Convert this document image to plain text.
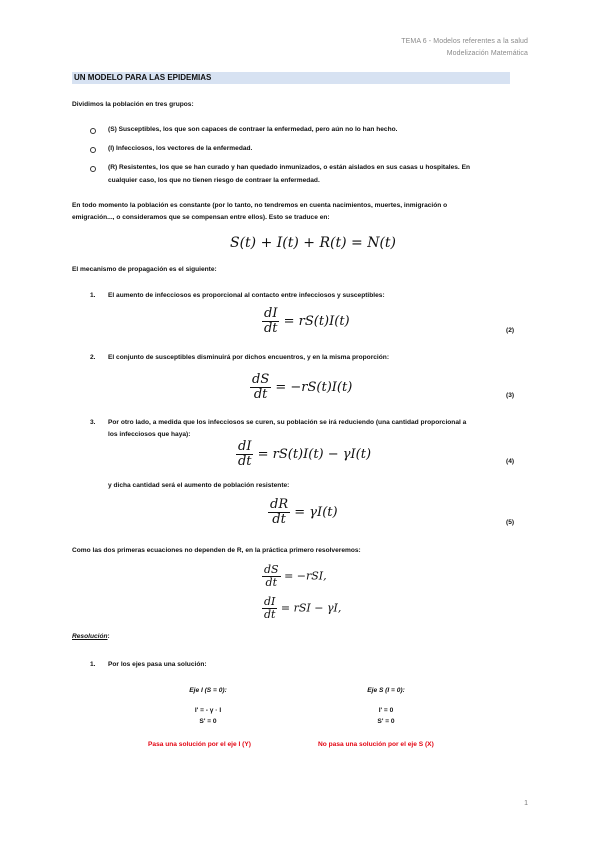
TEMA 6 - Modelos referentes a la salud
Modelización Matemática
UN MODELO PARA LAS EPIDEMIAS
Dividimos la población en tres grupos:
(S) Susceptibles, los que son capaces de contraer la enfermedad, pero aún no lo han hecho.
(I) Infecciosos, los vectores de la enfermedad.
(R) Resistentes, los que se han curado y han quedado inmunizados, o están aislados en sus casas u hospitales. En
cualquier caso, los que no tienen riesgo de contraer la enfermedad.
En todo momento la población es constante (por lo tanto, no tendremos en cuenta nacimientos, muertes, inmigración o
emigración..., o consideramos que se compensan entre ellos). Esto se traduce en:
S(t) + I(t) + R(t) = N(t)
El mecanismo de propagación es el siguiente:
1. El aumento de infecciosos es proporcional al contacto entre infecciosos y susceptibles:
$\frac{dI}{dt} = rS(t)I(t)$
(2)
2. El conjunto de susceptibles disminuirá por dichos encuentros, y en la misma proporción:
$\frac{dS}{dt} = -rS(t)I(t)$
(3)
3. Por otro lado, a medida que los infecciosos se curen, su población se irá reduciendo (una cantidad proporcional a
los infecciosos que haya):
$\frac{dI}{dt} = rS(t)I(t) - \gamma I(t)$	(4)
y dicha cantidad será el aumento de población resistente:
$\frac{dR}{dt} = \gamma I(t)$
(5)
Como las dos primeras ecuaciones no dependen de R, en la práctica primero resolveremos:
$\frac{dS}{dt} = -rSI$,
$\frac{dI}{dt}$ = rSI − γI,
Resolución:
1. Por los ejes pasa una solución:
Eje I (S = 0):
I' = - γ · I
S' = 0
Pasa una solución por el eje I (Y)
Eje S (I = 0):
I' = 0
S' = 0
No pasa una solución por el eje S (X)
1
